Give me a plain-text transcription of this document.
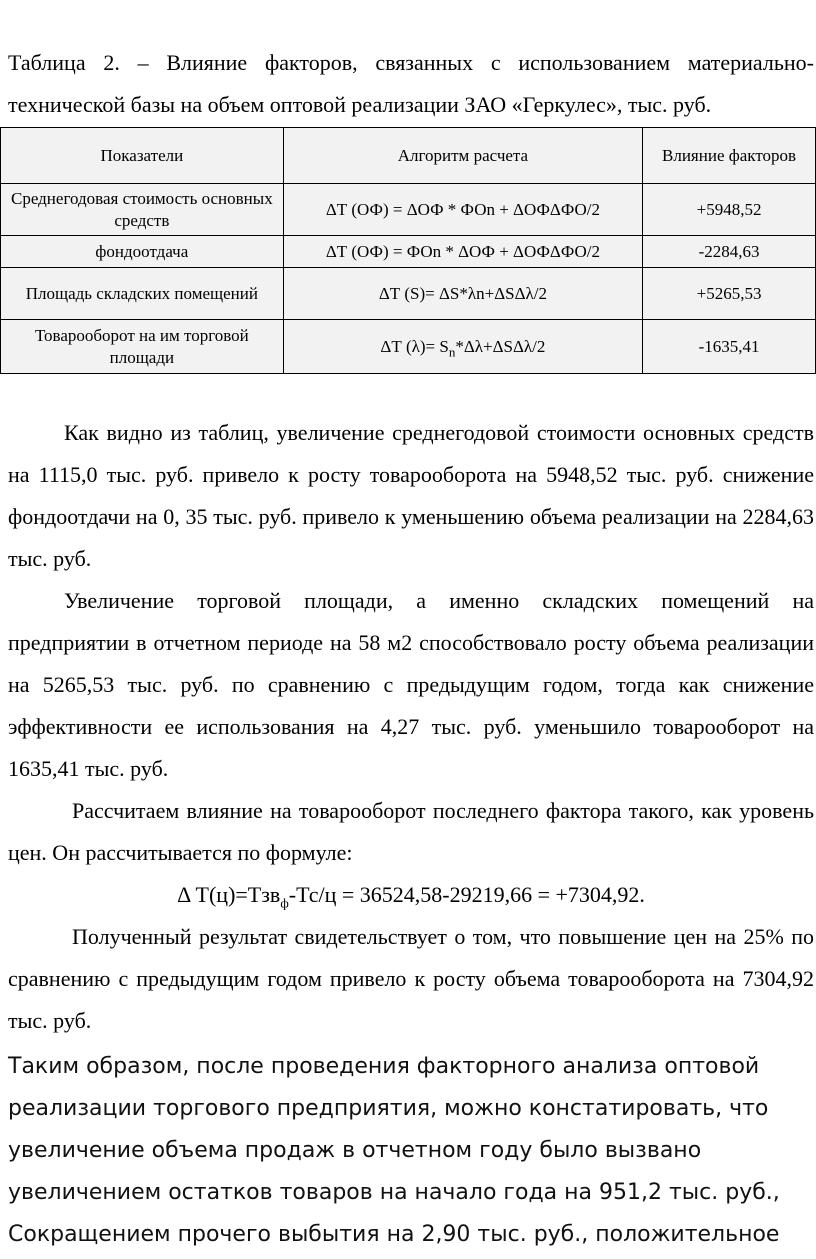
Таблица 2. – Влияние факторов, связанных с использованием материально-
технической базы на объем оптовой реализации ЗАО «Геркулес», тыс. руб.
Показатели	Алгоритм расчета	Влияние факторов
Среднегодовая стоимость основных средств	ΔТ (ОФ) = ΔОФ * ФОn + ΔОФΔФО/2	+5948,52
фондоотдача	ΔТ (ОФ) = ФОn * ΔОФ + ΔОФΔФО/2	-2284,63
Площадь складских помещений	ΔТ (S)= ΔS*λn+ΔSΔλ/2	+5265,53
Товарооборот на им торговой площади	ΔТ $(\lambda)= S_n*\Delta\lambda+\Delta S\Delta\lambda/2$	-1635,41

Как видно из таблиц, увеличение среднегодовой стоимости основных средств на 1115,0 тыс. руб. привело к росту товарооборота на 5948,52 тыс. руб. снижение фондоотдачи на 0, 35 тыс. руб. привело к уменьшению объема реализации на 2284,63 тыс. руб.

Увеличение торговой площади, а именно складских помещений на предприятии в отчетном периоде на 58 м2 способствовало росту объема реализации на 5265,53 тыс. руб. по сравнению с предыдущим годом, тогда как снижение эффективности ее использования на 4,27 тыс. руб. уменьшило товарооборот на 1635,41 тыс. руб.

Рассчитаем влияние на товарооборот последнего фактора такого, как уровень цен. Он рассчитывается по формуле:

Δ Т(ц)=Тзв$_ф$-Тс/ц = 36524,58-29219,66 = +7304,92.

Полученный результат свидетельствует о том, что повышение цен на 25% по сравнению с предыдущим годом привело к росту объема товарооборота на 7304,92 тыс. руб.

Таким образом, после проведения факторного анализа оптовой реализации торгового предприятия, можно констатировать, что увеличение объема продаж в отчетном году было вызвано увеличением остатков товаров на начало года на 951,2 тыс. руб., Сокращением прочего выбытия на 2,90 тыс. руб., положительное
